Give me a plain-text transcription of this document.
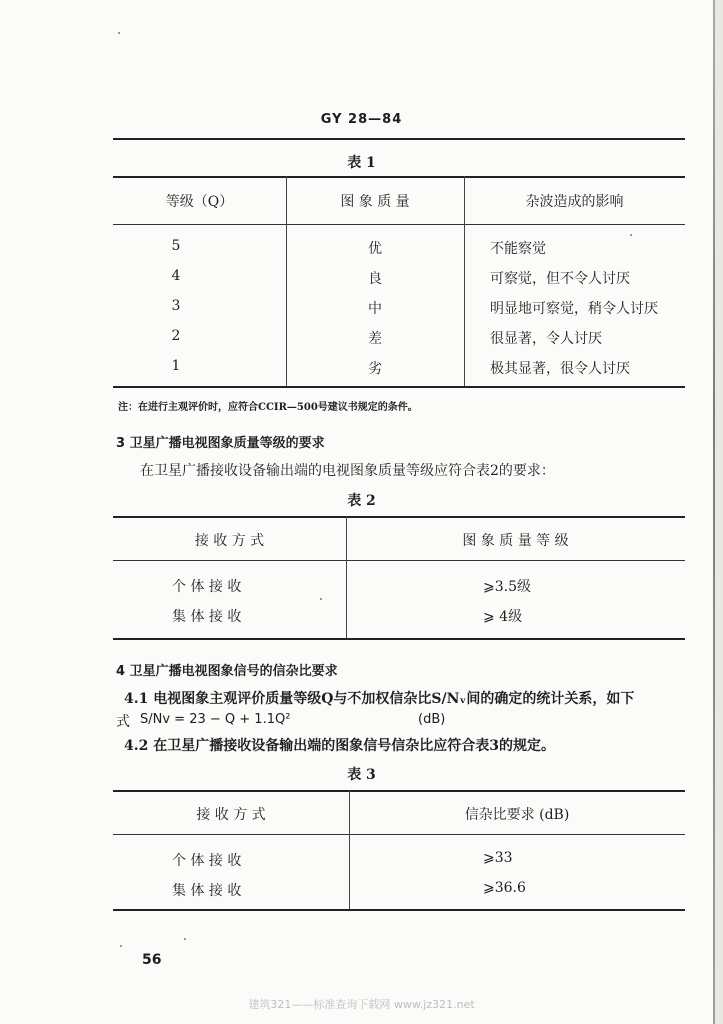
GY 28—84
表 1
等级（Q）	图 象 质 量	杂波造成的影响
5	优	不能察觉
4	良	可察觉，但不令人讨厌
3	中	明显地可察觉，稍令人讨厌
2	差	很显著，令人讨厌
1	劣	极其显著，很令人讨厌
注：在进行主观评价时，应符合CCIR—500号建议书规定的条件。
3 卫星广播电视图象质量等级的要求
在卫星广播接收设备输出端的电视图象质量等级应符合表2的要求：
表 2
接 收 方 式	图 象 质 量 等 级
个 体 接 收	⩾3.5级
集 体 接 收	⩾ 4级
4 卫星广播电视图象信号的信杂比要求
4.1 电视图象主观评价质量等级Q与不加权信杂比S/Nᵥ间的确定的统计关系，如下
式 S/Nv = 23 − Q + 1.1Q²	(dB)
4.2 在卫星广播接收设备输出端的图象信号信杂比应符合表3的规定。
表 3
接 收 方 式	信杂比要求 (dB)
个 体 接 收	⩾33
集 体 接 收	⩾36.6
56
建筑321——标准查询下载网 www.jz321.net
